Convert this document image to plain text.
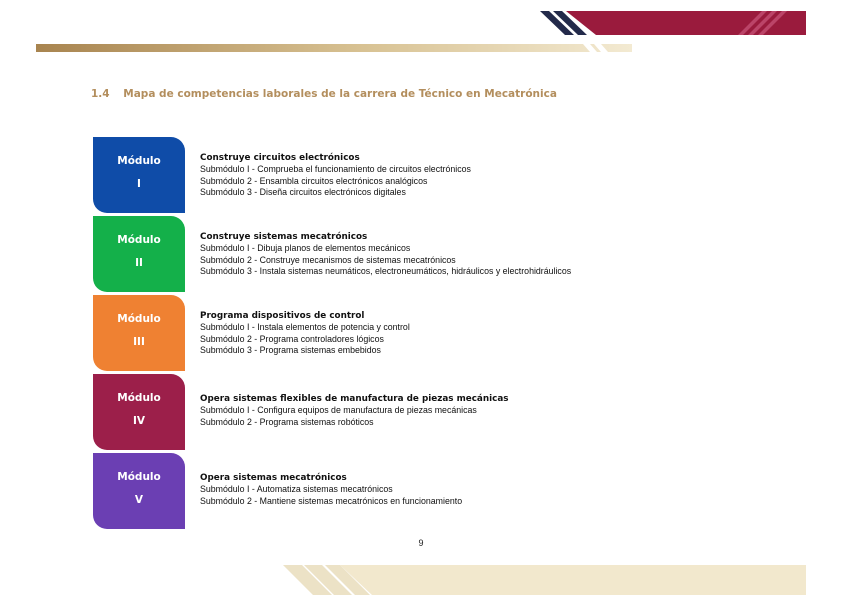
1.4 Mapa de competencias laborales de la carrera de Técnico en Mecatrónica
Módulo
I
Construye circuitos electrónicos
Submódulo I - Comprueba el funcionamiento de circuitos electrónicos
Submódulo 2 - Ensambla circuitos electrónicos analógicos
Submódulo 3 - Diseña circuitos electrónicos digitales
Módulo
II
Construye sistemas mecatrónicos
Submódulo I - Dibuja planos de elementos mecánicos
Submódulo 2 - Construye mecanismos de sistemas mecatrónicos
Submódulo 3 - Instala sistemas neumáticos, electroneumáticos, hidráulicos y electrohidráulicos
Módulo
III
Programa dispositivos de control
Submódulo I - Instala elementos de potencia y control
Submódulo 2 - Programa controladores lógicos
Submódulo 3 - Programa sistemas embebidos
Módulo
IV
Opera sistemas flexibles de manufactura de piezas mecánicas
Submódulo I - Configura equipos de manufactura de piezas mecánicas
Submódulo 2 - Programa sistemas robóticos
Módulo
V
Opera sistemas mecatrónicos
Submódulo I - Automatiza sistemas mecatrónicos
Submódulo 2 - Mantiene sistemas mecatrónicos en funcionamiento
9
